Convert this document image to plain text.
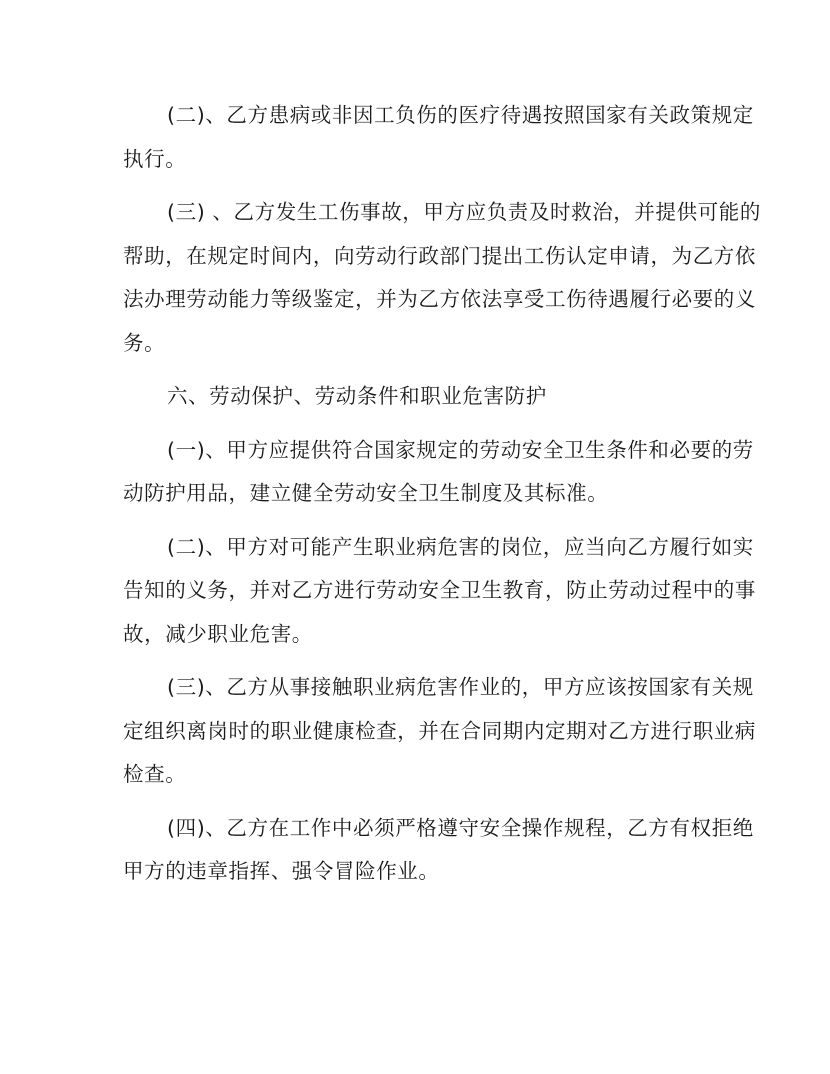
(二)、乙方患病或非因工负伤的医疗待遇按照国家有关政策规定
执行。
(三) 、乙方发生工伤事故，甲方应负责及时救治，并提供可能的
帮助，在规定时间内，向劳动行政部门提出工伤认定申请，为乙方依
法办理劳动能力等级鉴定，并为乙方依法享受工伤待遇履行必要的义
务。
六、劳动保护、劳动条件和职业危害防护
(一)、甲方应提供符合国家规定的劳动安全卫生条件和必要的劳
动防护用品，建立健全劳动安全卫生制度及其标准。
(二)、甲方对可能产生职业病危害的岗位，应当向乙方履行如实
告知的义务，并对乙方进行劳动安全卫生教育，防止劳动过程中的事
故，减少职业危害。
(三)、乙方从事接触职业病危害作业的，甲方应该按国家有关规
定组织离岗时的职业健康检查，并在合同期内定期对乙方进行职业病
检查。
(四)、乙方在工作中必须严格遵守安全操作规程，乙方有权拒绝
甲方的违章指挥、强令冒险作业。
